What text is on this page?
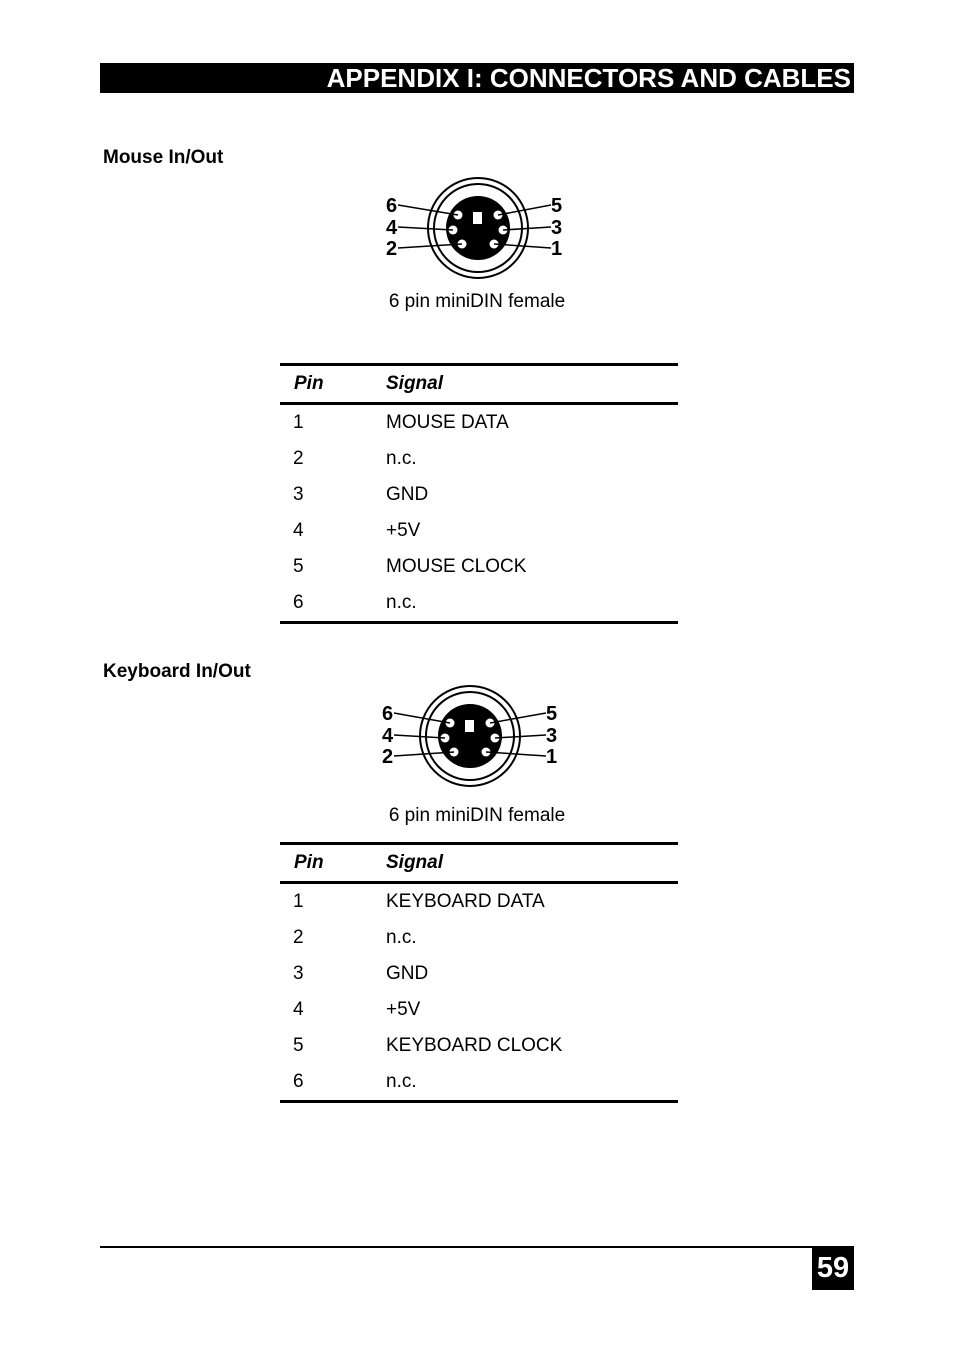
APPENDIX I: CONNECTORS AND CABLES
Mouse In/Out
6
4
2
5
3
1
6 pin miniDIN female
Pin	Signal
1	MOUSE DATA
2	n.c.
3	GND
4	+5V
5	MOUSE CLOCK
6	n.c.
Keyboard In/Out
6
4
2
5
3
1
6 pin miniDIN female
Pin	Signal
1	KEYBOARD DATA
2	n.c.
3	GND
4	+5V
5	KEYBOARD CLOCK
6	n.c.
59
